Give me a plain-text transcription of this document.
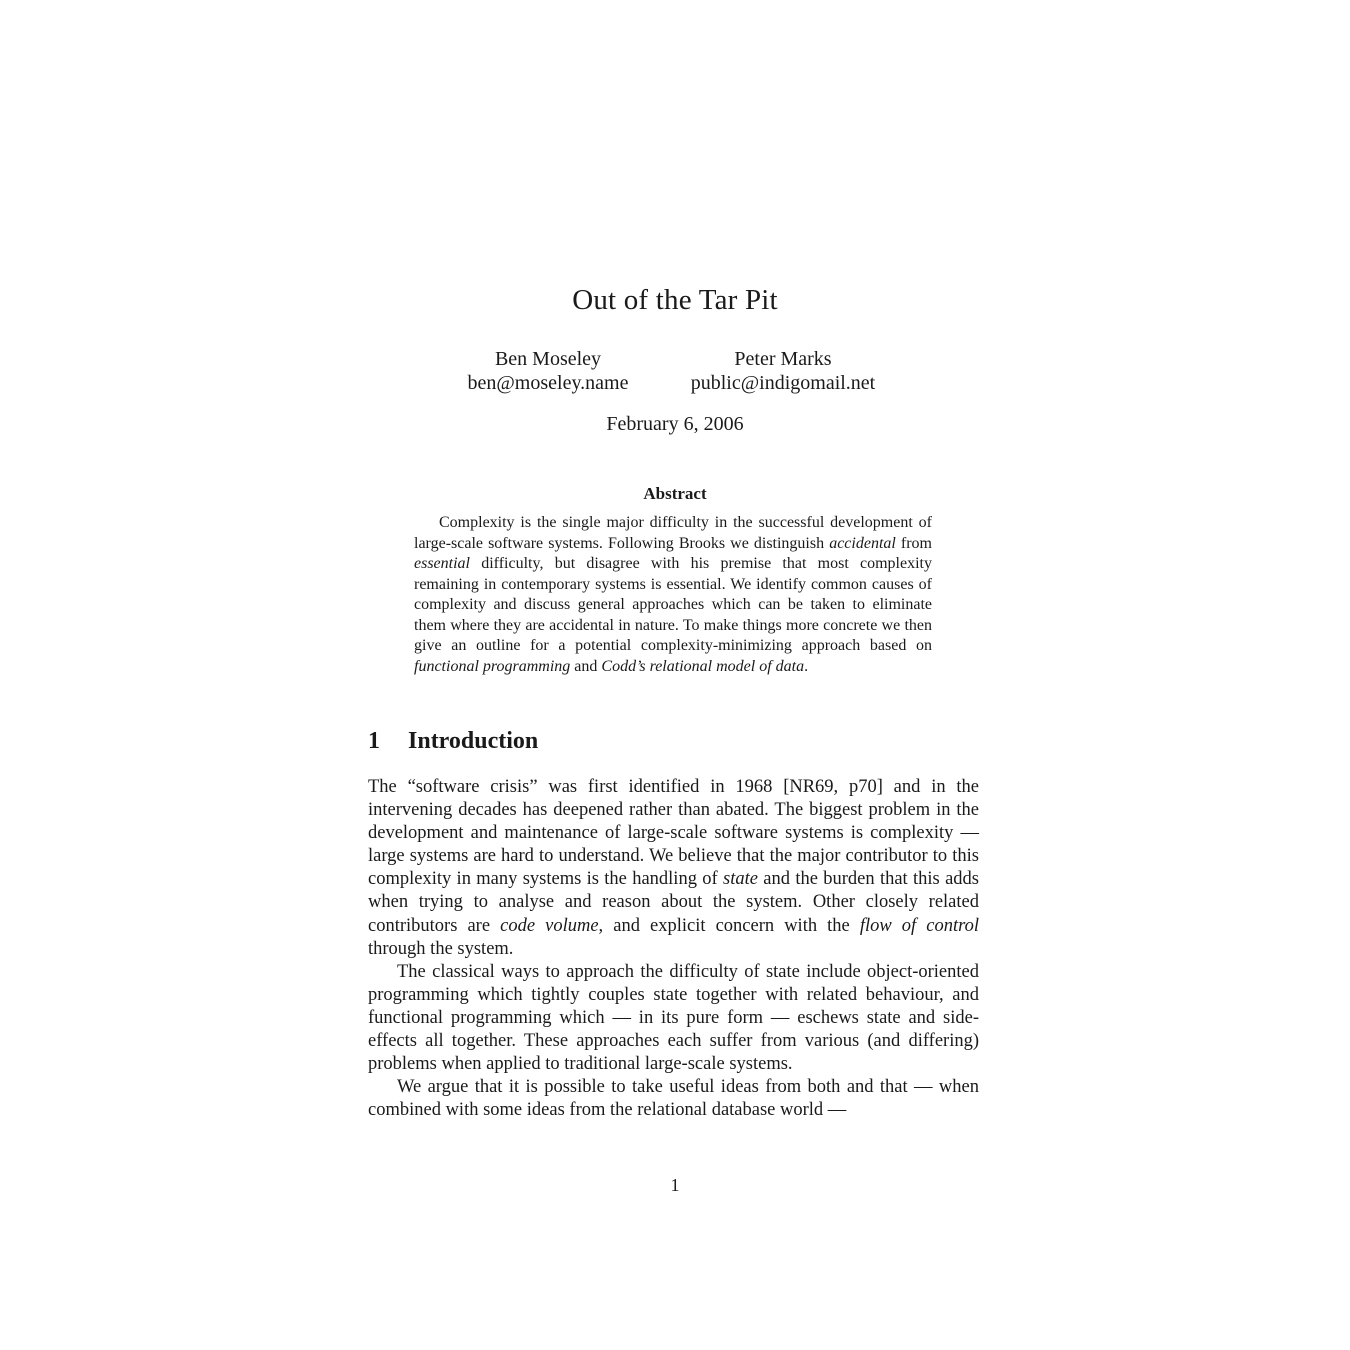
Out of the Tar Pit
Ben Moseley
ben@moseley.name
Peter Marks
public@indigomail.net
February 6, 2006
Abstract

Complexity is the single major difficulty in the successful development of large-scale software systems. Following Brooks we distinguish accidental from essential difficulty, but disagree with his premise that most complexity remaining in contemporary systems is essential. We identify common causes of complexity and discuss general approaches which can be taken to eliminate them where they are accidental in nature. To make things more concrete we then give an outline for a potential complexity-minimizing approach based on functional programming and Codd’s relational model of data.

1 Introduction

The “software crisis” was first identified in 1968 [NR69, p70] and in the intervening decades has deepened rather than abated. The biggest problem in the development and maintenance of large-scale software systems is complexity — large systems are hard to understand. We believe that the major contributor to this complexity in many systems is the handling of state and the burden that this adds when trying to analyse and reason about the system. Other closely related contributors are code volume, and explicit concern with the flow of control through the system.

The classical ways to approach the difficulty of state include object-oriented programming which tightly couples state together with related behaviour, and functional programming which — in its pure form — eschews state and side-effects all together. These approaches each suffer from various (and differing) problems when applied to traditional large-scale systems.

We argue that it is possible to take useful ideas from both and that — when combined with some ideas from the relational database world —

1
